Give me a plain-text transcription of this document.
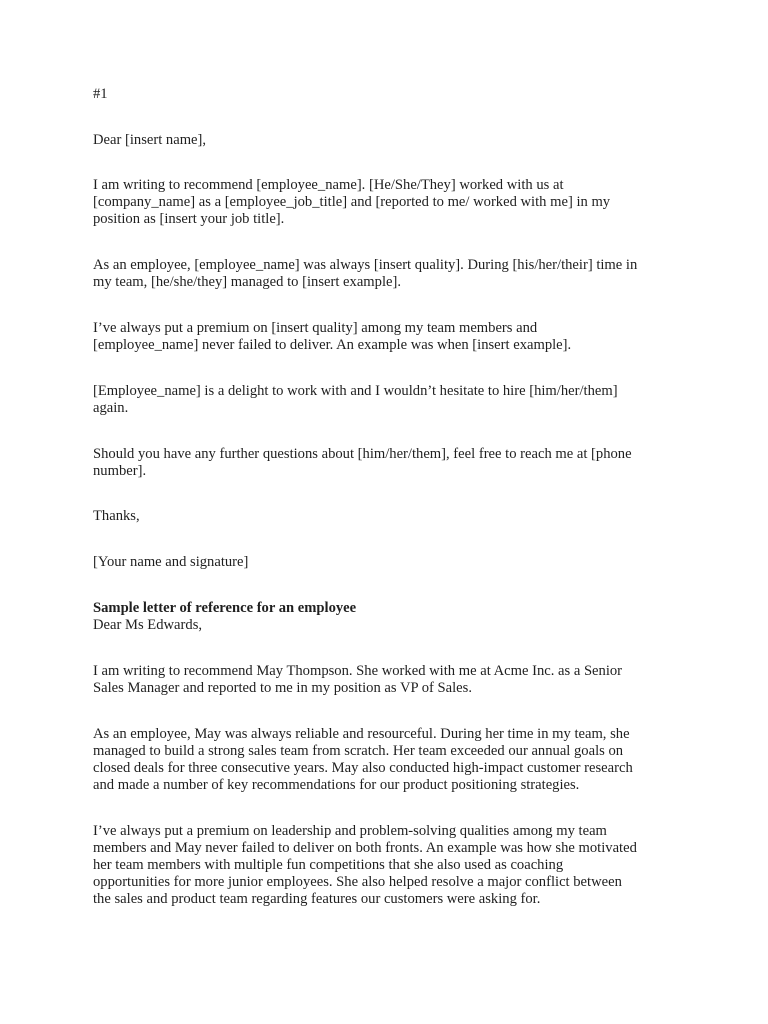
#1

Dear [insert name],

I am writing to recommend [employee_name]. [He/She/They] worked with us at
[company_name] as a [employee_job_title] and [reported to me/ worked with me] in my
position as [insert your job title].

As an employee, [employee_name] was always [insert quality]. During [his/her/their] time in
my team, [he/she/they] managed to [insert example].

I’ve always put a premium on [insert quality] among my team members and
[employee_name] never failed to deliver. An example was when [insert example].

[Employee_name] is a delight to work with and I wouldn’t hesitate to hire [him/her/them]
again.

Should you have any further questions about [him/her/them], feel free to reach me at [phone
number].

Thanks,

[Your name and signature]

Sample letter of reference for an employee

Dear Ms Edwards,

I am writing to recommend May Thompson. She worked with me at Acme Inc. as a Senior
Sales Manager and reported to me in my position as VP of Sales.

As an employee, May was always reliable and resourceful. During her time in my team, she
managed to build a strong sales team from scratch. Her team exceeded our annual goals on
closed deals for three consecutive years. May also conducted high-impact customer research
and made a number of key recommendations for our product positioning strategies.

I’ve always put a premium on leadership and problem-solving qualities among my team
members and May never failed to deliver on both fronts. An example was how she motivated
her team members with multiple fun competitions that she also used as coaching
opportunities for more junior employees. She also helped resolve a major conflict between
the sales and product team regarding features our customers were asking for.
